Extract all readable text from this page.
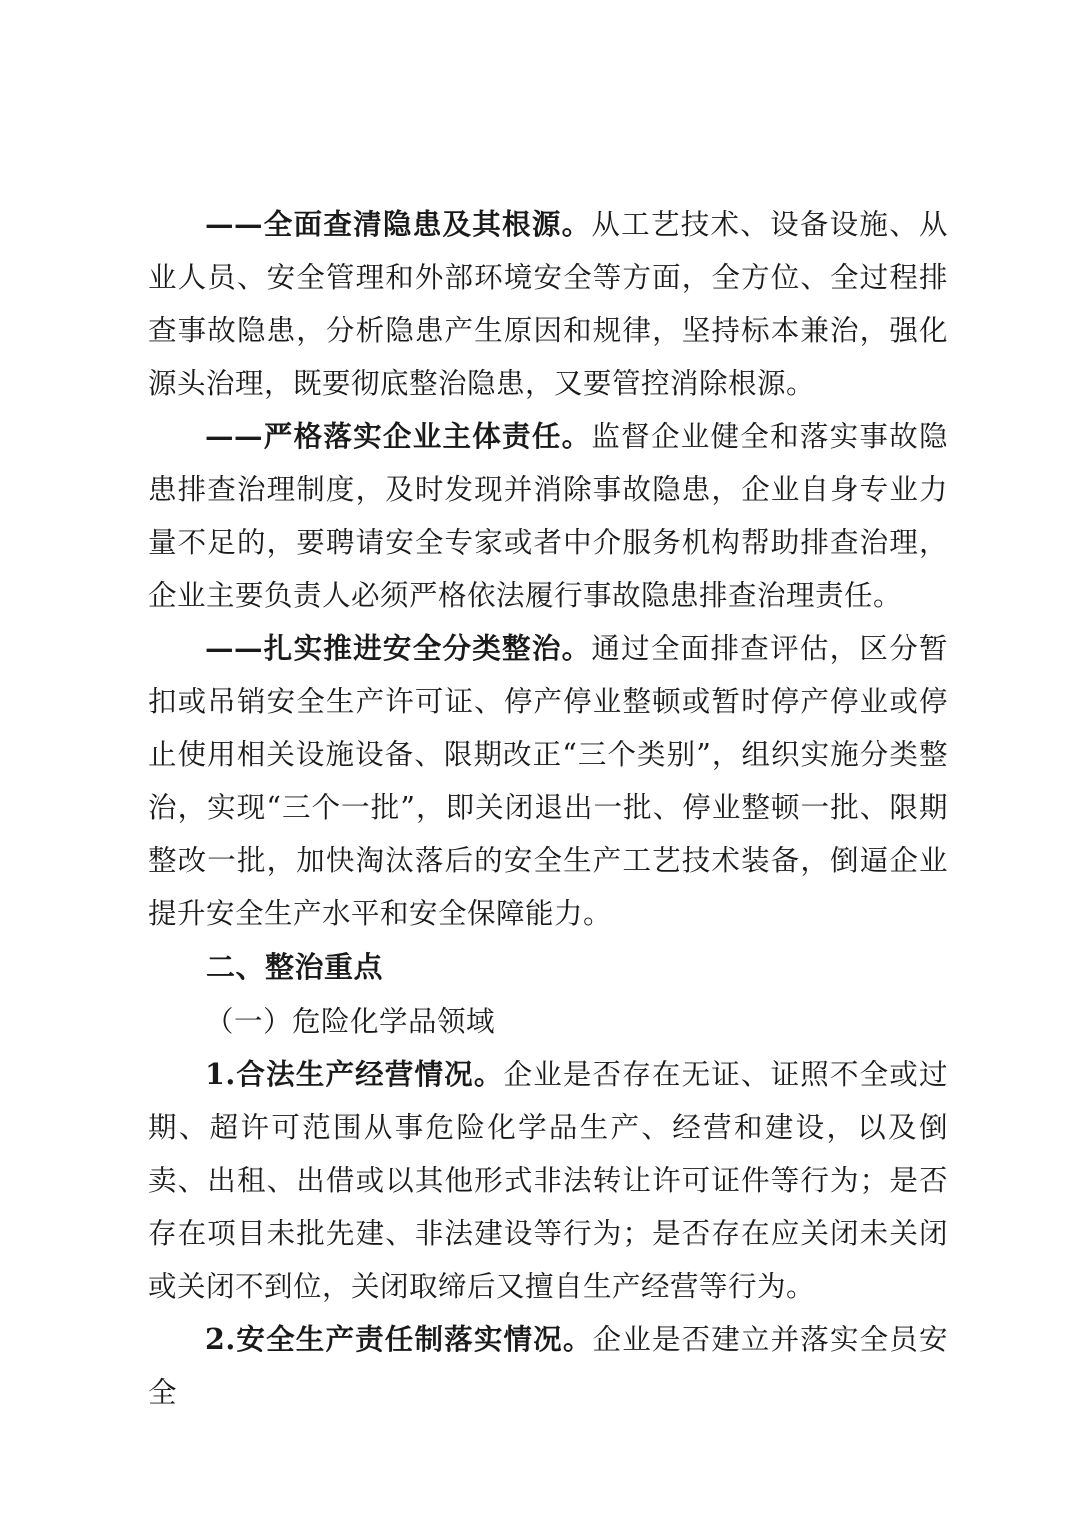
——全面查清隐患及其根源。从工艺技术、设备设施、从业人员、安全管理和外部环境安全等方面，全方位、全过程排查事故隐患，分析隐患产生原因和规律，坚持标本兼治，强化源头治理，既要彻底整治隐患，又要管控消除根源。

——严格落实企业主体责任。监督企业健全和落实事故隐患排查治理制度，及时发现并消除事故隐患，企业自身专业力量不足的，要聘请安全专家或者中介服务机构帮助排查治理，企业主要负责人必须严格依法履行事故隐患排查治理责任。

——扎实推进安全分类整治。通过全面排查评估，区分暂扣或吊销安全生产许可证、停产停业整顿或暂时停产停业或停止使用相关设施设备、限期改正“三个类别”，组织实施分类整治，实现“三个一批”，即关闭退出一批、停业整顿一批、限期整改一批，加快淘汰落后的安全生产工艺技术装备，倒逼企业提升安全生产水平和安全保障能力。

二、整治重点

（一）危险化学品领域

1.合法生产经营情况。企业是否存在无证、证照不全或过期、超许可范围从事危险化学品生产、经营和建设，以及倒卖、出租、出借或以其他形式非法转让许可证件等行为；是否存在项目未批先建、非法建设等行为；是否存在应关闭未关闭或关闭不到位，关闭取缔后又擅自生产经营等行为。

2.安全生产责任制落实情况。企业是否建立并落实全员安全
